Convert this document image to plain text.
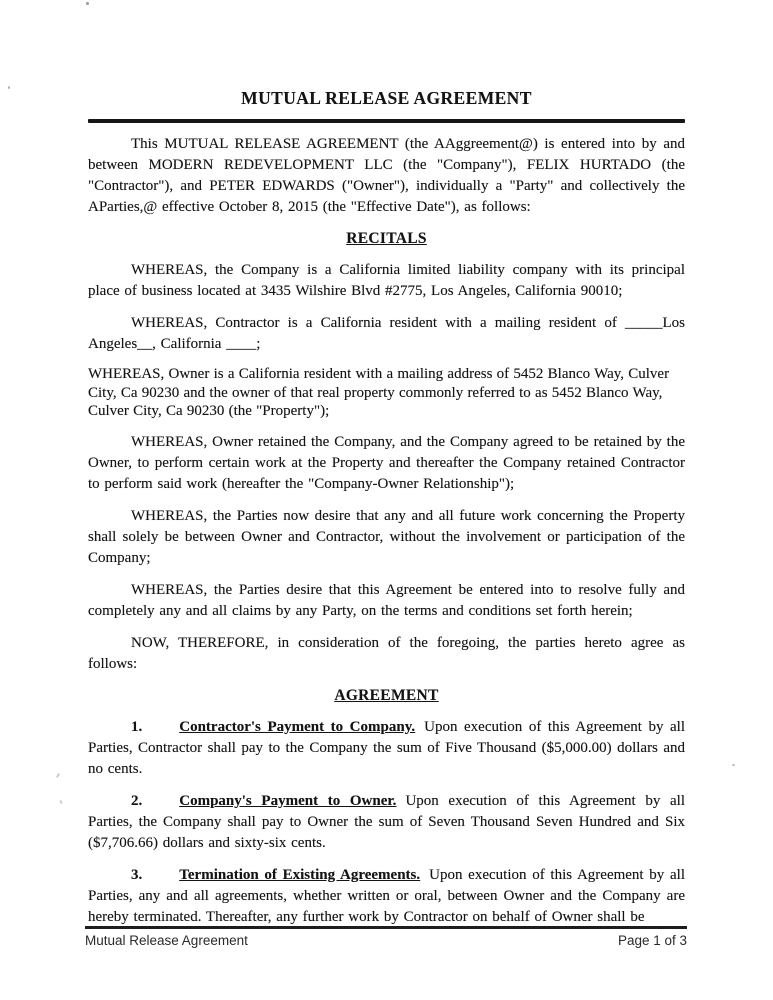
MUTUAL RELEASE AGREEMENT

This MUTUAL RELEASE AGREEMENT (the AAggreement@) is entered into by and between MODERN REDEVELOPMENT LLC (the "Company"), FELIX HURTADO (the "Contractor"), and PETER EDWARDS ("Owner"), individually a "Party" and collectively the AParties,@ effective October 8, 2015 (the "Effective Date"), as follows:

RECITALS

WHEREAS, the Company is a California limited liability company with its principal place of business located at 3435 Wilshire Blvd #2775, Los Angeles, California 90010;

WHEREAS, Contractor is a California resident with a mailing resident of _____Los Angeles__, California ____;

WHEREAS, Owner is a California resident with a mailing address of 5452 Blanco Way, Culver City, Ca 90230 and the owner of that real property commonly referred to as 5452 Blanco Way, Culver City, Ca 90230 (the "Property");

WHEREAS, Owner retained the Company, and the Company agreed to be retained by the Owner, to perform certain work at the Property and thereafter the Company retained Contractor to perform said work (hereafter the "Company-Owner Relationship");

WHEREAS, the Parties now desire that any and all future work concerning the Property shall solely be between Owner and Contractor, without the involvement or participation of the Company;

WHEREAS, the Parties desire that this Agreement be entered into to resolve fully and completely any and all claims by any Party, on the terms and conditions set forth herein;

NOW, THEREFORE, in consideration of the foregoing, the parties hereto agree as follows:

AGREEMENT

1. Contractor's Payment to Company. Upon execution of this Agreement by all Parties, Contractor shall pay to the Company the sum of Five Thousand ($5,000.00) dollars and no cents.

2. Company's Payment to Owner. Upon execution of this Agreement by all Parties, the Company shall pay to Owner the sum of Seven Thousand Seven Hundred and Six ($7,706.66) dollars and sixty-six cents.

3. Termination of Existing Agreements. Upon execution of this Agreement by all Parties, any and all agreements, whether written or oral, between Owner and the Company are hereby terminated. Thereafter, any further work by Contractor on behalf of Owner shall be

Mutual Release Agreement	Page 1 of 3
